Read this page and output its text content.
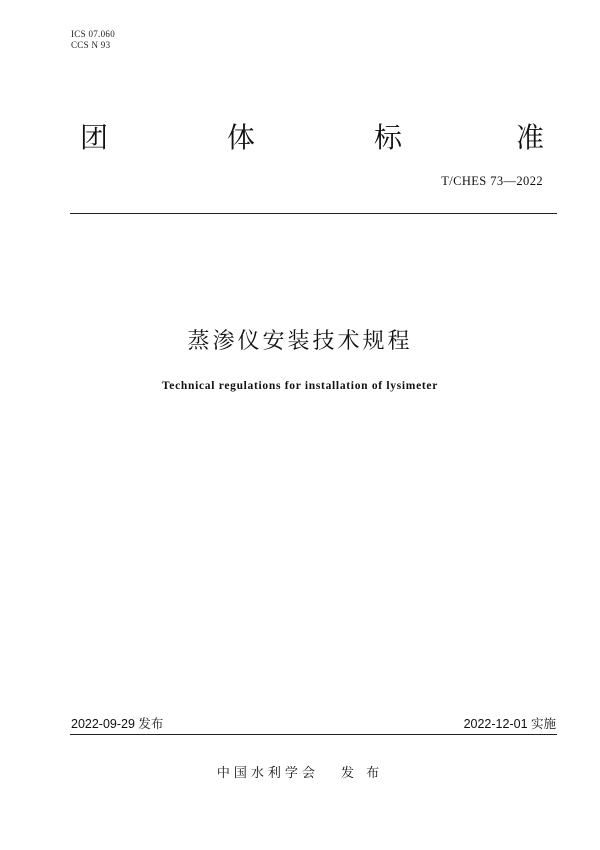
ICS 07.060
CCS N 93
团	体	标	准
T/CHES 73—2022
蒸渗仪安装技术规程
Technical regulations for installation of lysimeter
2022-09-29 发布	2022-12-01 实施
中国水利学会 发 布
